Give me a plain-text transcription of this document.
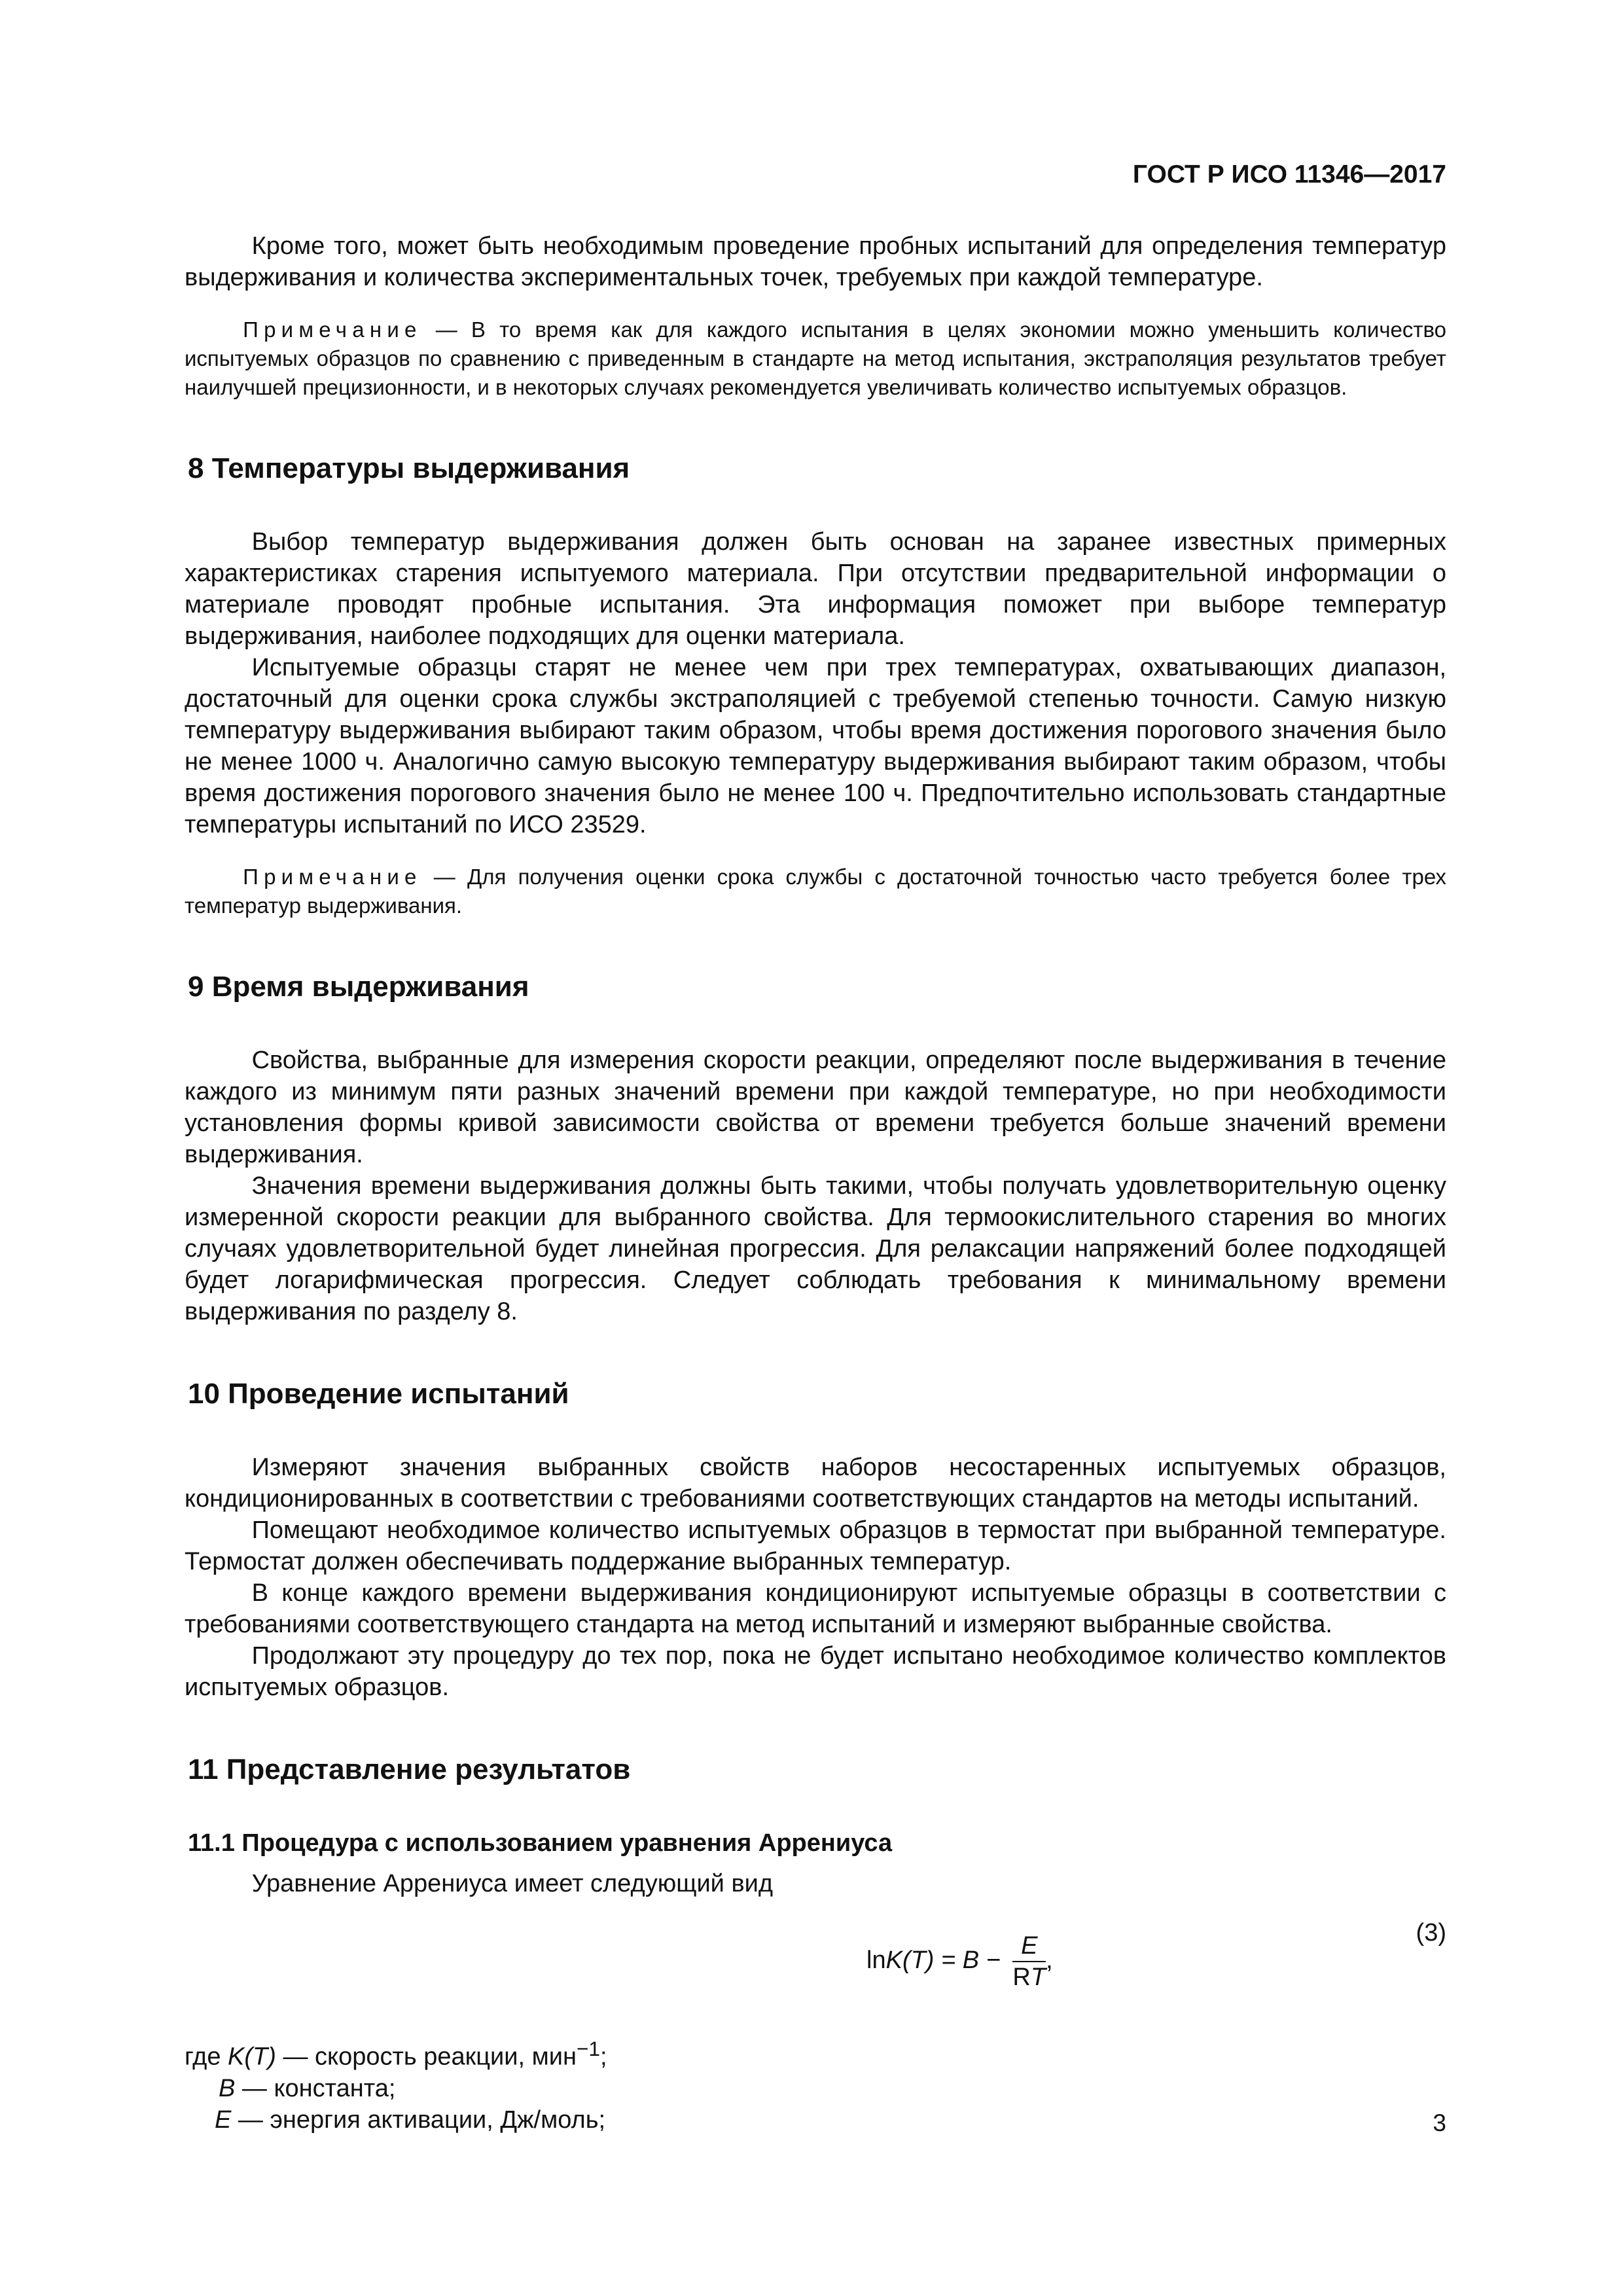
ГОСТ Р ИСО 11346—2017

Кроме того, может быть необходимым проведение пробных испытаний для определения температур выдерживания и количества экспериментальных точек, требуемых при каждой температуре.

Примечание — В то время как для каждого испытания в целях экономии можно уменьшить количество испытуемых образцов по сравнению с приведенным в стандарте на метод испытания, экстраполяция результатов требует наилучшей прецизионности, и в некоторых случаях рекомендуется увеличивать количество испытуемых образцов.

8 Температуры выдерживания

Выбор температур выдерживания должен быть основан на заранее известных примерных характеристиках старения испытуемого материала. При отсутствии предварительной информации о материале проводят пробные испытания. Эта информация поможет при выборе температур выдерживания, наиболее подходящих для оценки материала.

Испытуемые образцы старят не менее чем при трех температурах, охватывающих диапазон, достаточный для оценки срока службы экстраполяцией с требуемой степенью точности. Самую низкую температуру выдерживания выбирают таким образом, чтобы время достижения порогового значения было не менее 1000 ч. Аналогично самую высокую температуру выдерживания выбирают таким образом, чтобы время достижения порогового значения было не менее 100 ч. Предпочтительно использовать стандартные температуры испытаний по ИСО 23529.

Примечание — Для получения оценки срока службы с достаточной точностью часто требуется более трех температур выдерживания.

9 Время выдерживания

Свойства, выбранные для измерения скорости реакции, определяют после выдерживания в течение каждого из минимум пяти разных значений времени при каждой температуре, но при необходимости установления формы кривой зависимости свойства от времени требуется больше значений времени выдерживания.

Значения времени выдерживания должны быть такими, чтобы получать удовлетворительную оценку измеренной скорости реакции для выбранного свойства. Для термоокислительного старения во многих случаях удовлетворительной будет линейная прогрессия. Для релаксации напряжений более подходящей будет логарифмическая прогрессия. Следует соблюдать требования к минимальному времени выдерживания по разделу 8.

10 Проведение испытаний

Измеряют значения выбранных свойств наборов несостаренных испытуемых образцов, кондиционированных в соответствии с требованиями соответствующих стандартов на методы испытаний.

Помещают необходимое количество испытуемых образцов в термостат при выбранной температуре. Термостат должен обеспечивать поддержание выбранных температур.

В конце каждого времени выдерживания кондиционируют испытуемые образцы в соответствии с требованиями соответствующего стандарта на метод испытаний и измеряют выбранные свойства.

Продолжают эту процедуру до тех пор, пока не будет испытано необходимое количество комплектов испытуемых образцов.

11 Представление результатов
11.1 Процедура с использованием уравнения Аррениуса

Уравнение Аррениуса имеет следующий вид

$\ln K(T) = B - \frac{E}{RT}$ ,
(3)
где K(T) — скорость реакции, мин$^{-1}$;
B — константа;
E — энергия активации, Дж/моль;	3
